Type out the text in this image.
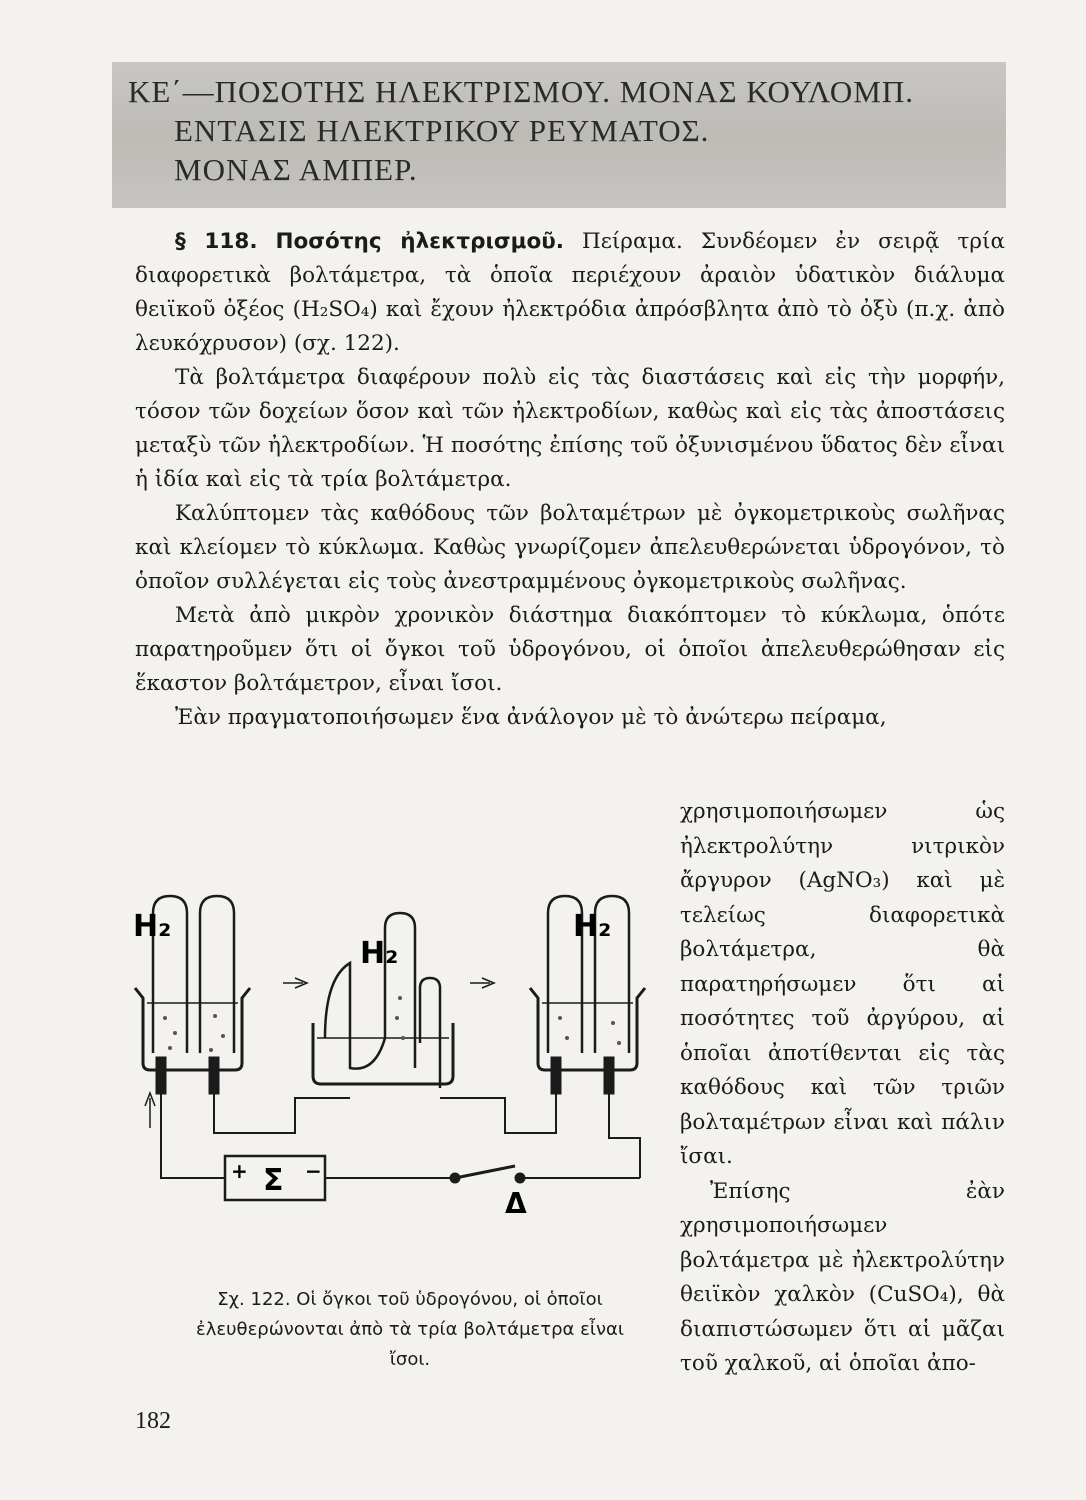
ΚΕ΄—ΠΟΣΟΤΗΣ ΗΛΕΚΤΡΙΣΜΟΥ. ΜΟΝΑΣ ΚΟΥΛΟΜΠ.
ΕΝΤΑΣΙΣ ΗΛΕΚΤΡΙΚΟΥ ΡΕΥΜΑΤΟΣ.
ΜΟΝΑΣ ΑΜΠΕΡ.

§ 118. Ποσότης ἠλεκτρισμοῦ. Πείραμα. Συνδέομεν ἐν σειρᾷ τρία διαφορετικὰ βολτάμετρα, τὰ ὁποῖα περιέχουν ἀραιὸν ὑδατικὸν διάλυμα θειϊκοῦ ὀξέος (H₂SO₄) καὶ ἔχουν ἠλεκτρόδια ἀπρόσβλητα ἀπὸ τὸ ὀξὺ (π.χ. ἀπὸ λευκόχρυσον) (σχ. 122).

Τὰ βολτάμετρα διαφέρουν πολὺ εἰς τὰς διαστάσεις καὶ εἰς τὴν μορφήν, τόσον τῶν δοχείων ὅσον καὶ τῶν ἠλεκτροδίων, καθὼς καὶ εἰς τὰς ἀποστάσεις μεταξὺ τῶν ἠλεκτροδίων. Ἡ ποσότης ἐπίσης τοῦ ὀξυνισμένου ὕδατος δὲν εἶναι ἡ ἰδία καὶ εἰς τὰ τρία βολτάμετρα.

Καλύπτομεν τὰς καθόδους τῶν βολταμέτρων μὲ ὀγκομετρικοὺς σωλῆνας καὶ κλείομεν τὸ κύκλωμα. Καθὼς γνωρίζομεν ἀπελευθερώνεται ὑδρογόνον, τὸ ὁποῖον συλλέγεται εἰς τοὺς ἀνεστραμμένους ὀγκομετρικοὺς σωλῆνας.

Μετὰ ἀπὸ μικρὸν χρονικὸν διάστημα διακόπτομεν τὸ κύκλωμα, ὁπότε παρατηροῦμεν ὅτι οἱ ὄγκοι τοῦ ὑδρογόνου, οἱ ὁποῖοι ἀπελευθερώθησαν εἰς ἕκαστον βολτάμετρον, εἶναι ἴσοι.

Ἐὰν πραγματοποιήσωμεν ἕνα ἀνάλογον μὲ τὸ ἀνώτερω πείραμα,

χρησιμοποιήσωμεν ὡς ἠλεκτρολύτην νιτρικὸν ἄργυρον (AgNO₃) καὶ μὲ τελείως διαφορετικὰ βολτάμετρα, θὰ παρατηρήσωμεν ὅτι αἱ ποσότητες τοῦ ἀργύρου, αἱ ὁποῖαι ἀποτίθενται εἰς τὰς καθόδους καὶ τῶν τριῶν βολταμέτρων εἶναι καὶ πάλιν ἴσαι.

Ἐπίσης ἐὰν χρησιμοποιήσωμεν βολτάμετρα μὲ ἠλεκτρολύτην θειϊκὸν χαλκὸν (CuSO₄), θὰ διαπιστώσωμεν ὅτι αἱ μᾶζαι τοῦ χαλκοῦ, αἱ ὁποῖαι ἀπο-

H₂
H₂
H₂
+ Σ −
Δ
Σχ. 122. Οἱ ὄγκοι τοῦ ὑδρογόνου, οἱ ὁποῖοι ἐλευθερώνονται ἀπὸ τὰ τρία βολτάμετρα εἶναι ἴσοι.
182
